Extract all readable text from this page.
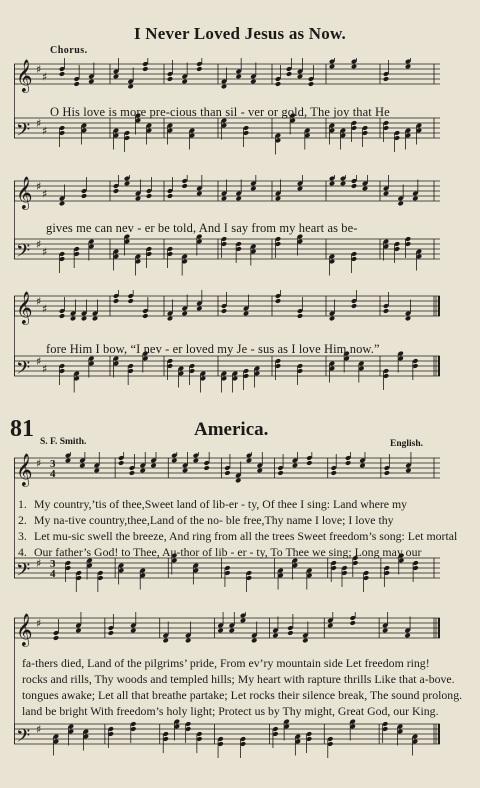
I Never Loved Jesus as Now.
Chorus.
𝄞 ♯
♯
𝄢 ♯
♯
O His love is more pre-cious than sil - ver or gold, The joy that He
𝄞 ♯
♯
𝄢 ♯
♯
gives me can nev - er be told, And I say from my heart as be-
𝄞 ♯
♯
𝄢 ♯
♯
fore Him I bow, “I nev - er loved my Je - sus as I love Him now.”
81	America.
S. F. Smith.	English.
𝄞 ♯ 3
4
𝄢 ♯ 3
4
1. My country,’tis of thee,Sweet land of lib-er - ty, Of thee I sing: Land where my
2. My na-tive country,thee,Land of the no- ble free,Thy name I love; I love thy
3. Let mu-sic swell the breeze, And ring from all the trees Sweet freedom’s song: Let mortal
4. Our father’s God! to Thee, Au-thor of lib - er - ty, To Thee we sing; Long may our
𝄞 ♯
𝄢 ♯
fa-thers died, Land of the pilgrims’ pride, From ev’ry mountain side Let freedom ring!
rocks and rills, Thy woods and templed hills; My heart with rapture thrills Like that a-bove.
tongues awake; Let all that breathe partake; Let rocks their silence break, The sound prolong.
land be bright With freedom’s holy light; Protect us by Thy might, Great God, our King.
